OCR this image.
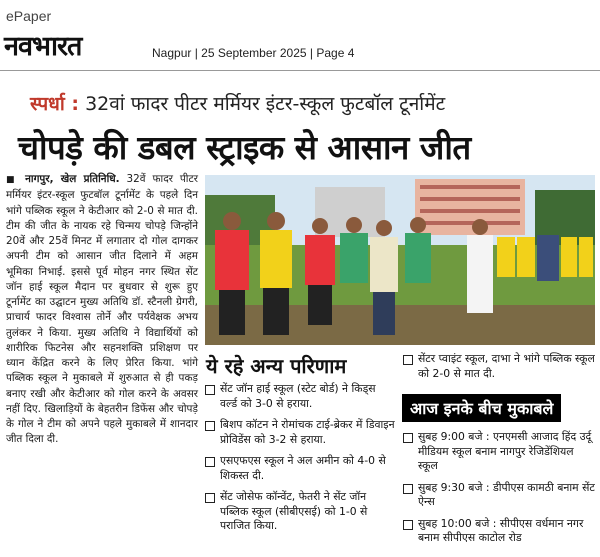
ePaper
नवभारत	Nagpur | 25 September 2025 | Page 4
स्पर्धा : 32वां फादर पीटर मर्मियर इंटर-स्कूल फुटबॉल टूर्नामेंट
चोपड़े की डबल स्ट्राइक से आसान जीत
■ नागपुर, खेल प्रतिनिधि. 32वें फादर पीटर मर्मियर इंटर-स्कूल फुटबॉल टूर्नामेंट के पहले दिन भांगे पब्लिक स्कूल ने केटीआर को 2-0 से मात दी. टीम की जीत के नायक रहे चिन्मय चोपड़े जिन्होंने 20वें और 25वें मिनट में लगातार दो गोल दागकर अपनी टीम को आसान जीत दिलाने में अहम भूमिका निभाई. इससे पूर्व मोहन नगर स्थित सेंट जॉन हाई स्कूल मैदान पर बुधवार से शुरू हुए टूर्नामेंट का उद्घाटन मुख्य अतिथि डॉ. स्टैनली ग्रेगरी, प्राचार्य फादर विश्वास तोर्ने और पर्यवेक्षक अभय तुलंकर ने किया. मुख्य अतिथि ने विद्यार्थियों को शारीरिक फिटनेस और सहनशक्ति प्रशिक्षण पर ध्यान केंद्रित करने के लिए प्रेरित किया. भांगे पब्लिक स्कूल ने मुकाबले में शुरुआत से ही पकड़ बनाए रखी और केटीआर को गोल करने के अवसर नहीं दिए. खिलाड़ियों के बेहतरीन डिफेंस और चोपड़े के गोल ने टीम को अपने पहले मुकाबले में शानदार जीत दिला दी.
ये रहे अन्य परिणाम
सेंट जॉन हाई स्कूल (स्टेट बोर्ड) ने किड्स वर्ल्ड को 3-0 से हराया.
बिशप कॉटन ने रोमांचक टाई-ब्रेकर में डिवाइन प्रोविडेंस को 3-2 से हराया.
एसएफएस स्कूल ने अल अमीन को 4-0 से शिकस्त दी.
सेंट जोसेफ कॉन्वेंट, फेतरी ने सेंट जॉन पब्लिक स्कूल (सीबीएसई) को 1-0 से पराजित किया.
सेंटर प्वाइंट स्कूल, दाभा ने भांगे पब्लिक स्कूल को 2-0 से मात दी.
आज इनके बीच मुकाबले
सुबह 9:00 बजे : एनएमसी आजाद हिंद उर्दू मीडियम स्कूल बनाम नागपुर रेजिडेंशियल स्कूल
सुबह 9:30 बजे : डीपीएस कामठी बनाम सेंट ऐन्स
सुबह 10:00 बजे : सीपीएस वर्धमान नगर बनाम सीपीएस काटोल रोड
